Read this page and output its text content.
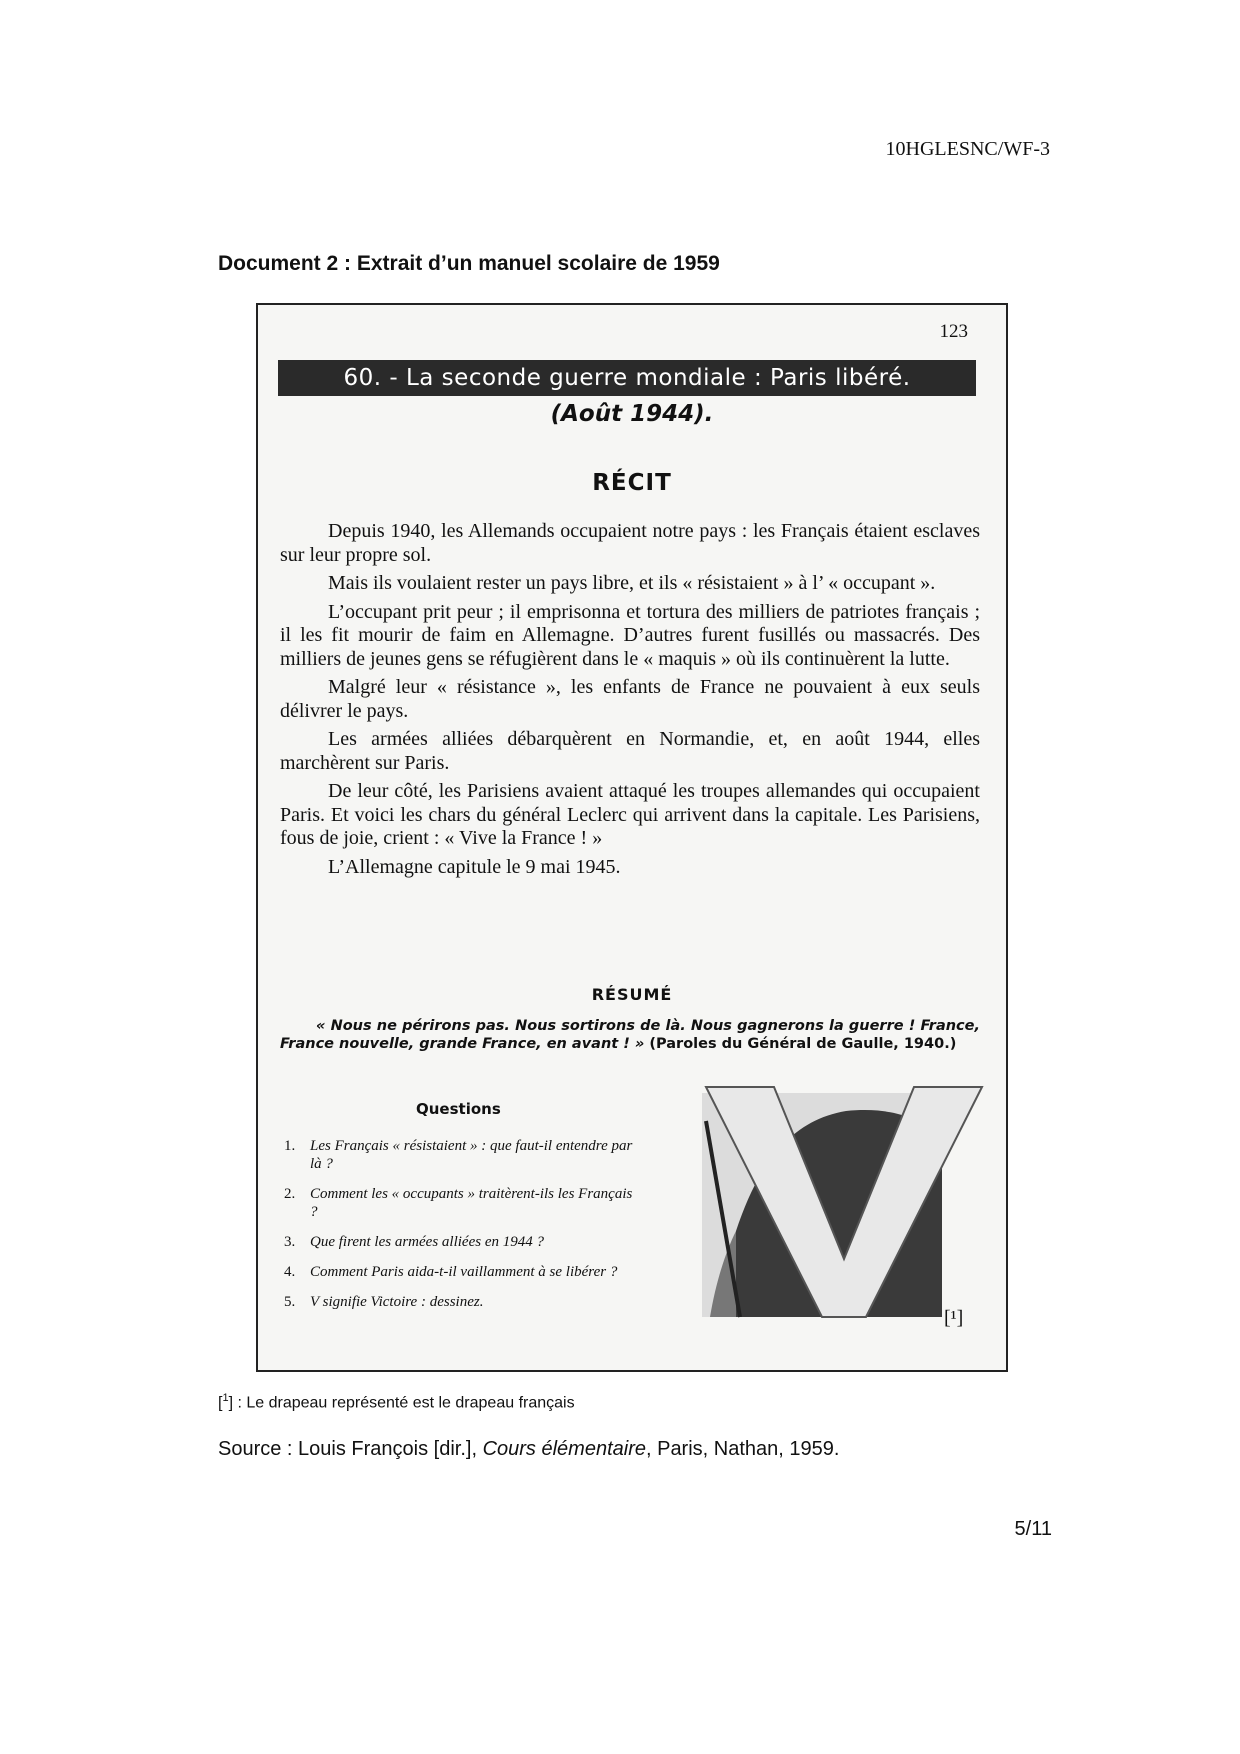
10HGLESNC/WF-3
Document 2 : Extrait d’un manuel scolaire de 1959
123
60. - La seconde guerre mondiale : Paris libéré.
(Août 1944).
RÉCIT

Depuis 1940, les Allemands occupaient notre pays : les Français étaient esclaves sur leur propre sol.

Mais ils voulaient rester un pays libre, et ils « résistaient » à l’ « occupant ».

L’occupant prit peur ; il emprisonna et tortura des milliers de patriotes français ; il les fit mourir de faim en Allemagne. D’autres furent fusillés ou massacrés. Des milliers de jeunes gens se réfugièrent dans le « maquis » où ils continuèrent la lutte.

Malgré leur « résistance », les enfants de France ne pouvaient à eux seuls délivrer le pays.

Les armées alliées débarquèrent en Normandie, et, en août 1944, elles marchèrent sur Paris.

De leur côté, les Parisiens avaient attaqué les troupes allemandes qui occupaient Paris. Et voici les chars du général Leclerc qui arrivent dans la capitale. Les Parisiens, fous de joie, crient : « Vive la France ! »

L’Allemagne capitule le 9 mai 1945.

RÉSUMÉ
« Nous ne périrons pas. Nous sortirons de là. Nous gagnerons la guerre ! France, France nouvelle, grande France, en avant ! » (Paroles du Général de Gaulle, 1940.)
Questions
1. Les Français « résistaient » : que faut-il entendre par là ?
2. Comment les « occupants » traitèrent-ils les Français ?
3. Que firent les armées alliées en 1944 ?
4. Comment Paris aida-t-il vaillamment à se libérer ?
5. V signifie Victoire : dessinez.
[¹]
[$^1$] : Le drapeau représenté est le drapeau français
Source : Louis François [dir.], Cours élémentaire, Paris, Nathan, 1959.
5/11
